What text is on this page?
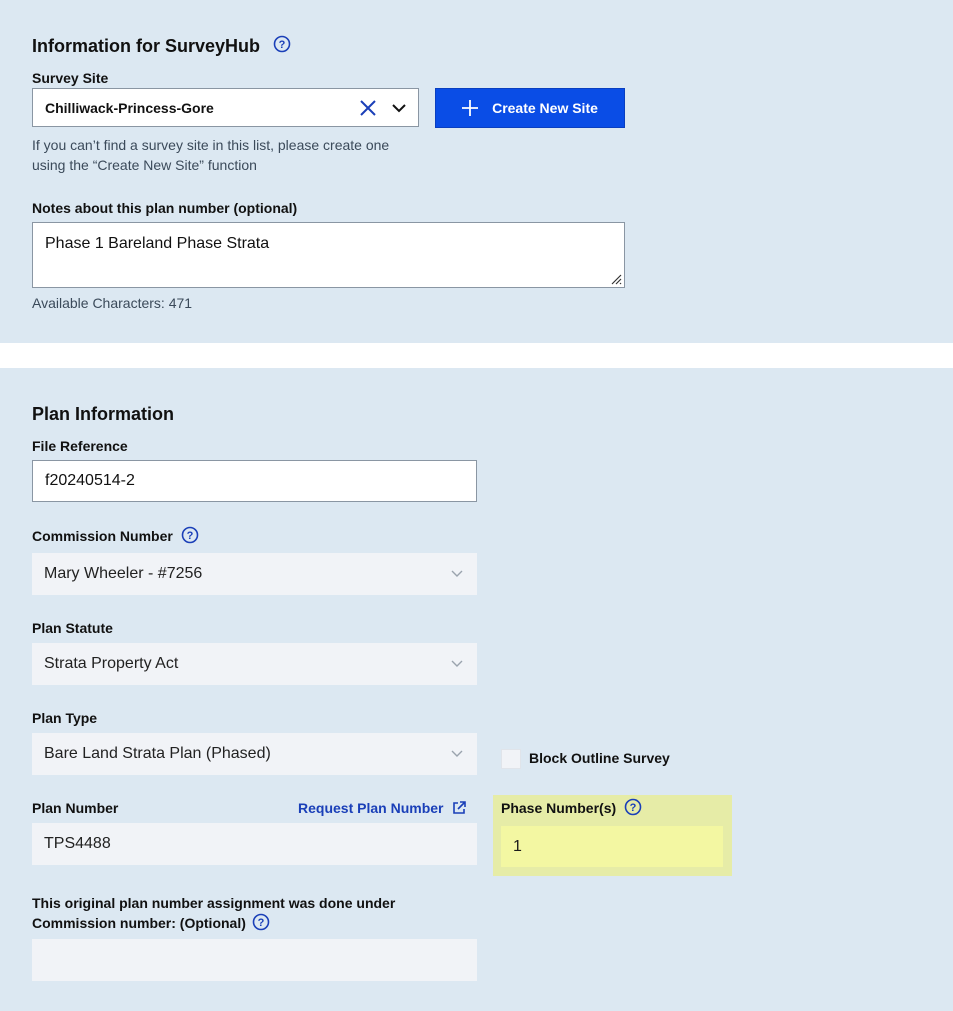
Information for SurveyHub ?
Survey Site
Chilliwack-Princess-Gore	Create New Site
If you can’t find a survey site in this list, please create one
using the “Create New Site” function
Notes about this plan number (optional)
Phase 1 Bareland Phase Strata
Available Characters: 471
Plan Information
File Reference
f20240514-2
Commission Number ?
Mary Wheeler - #7256
Plan Statute
Strata Property Act
Plan Type
Bare Land Strata Plan (Phased)	Block Outline Survey
Plan Number	Request Plan Number
TPS4488
Phase Number(s) ?
1
This original plan number assignment was done under
Commission number: (Optional) ?
